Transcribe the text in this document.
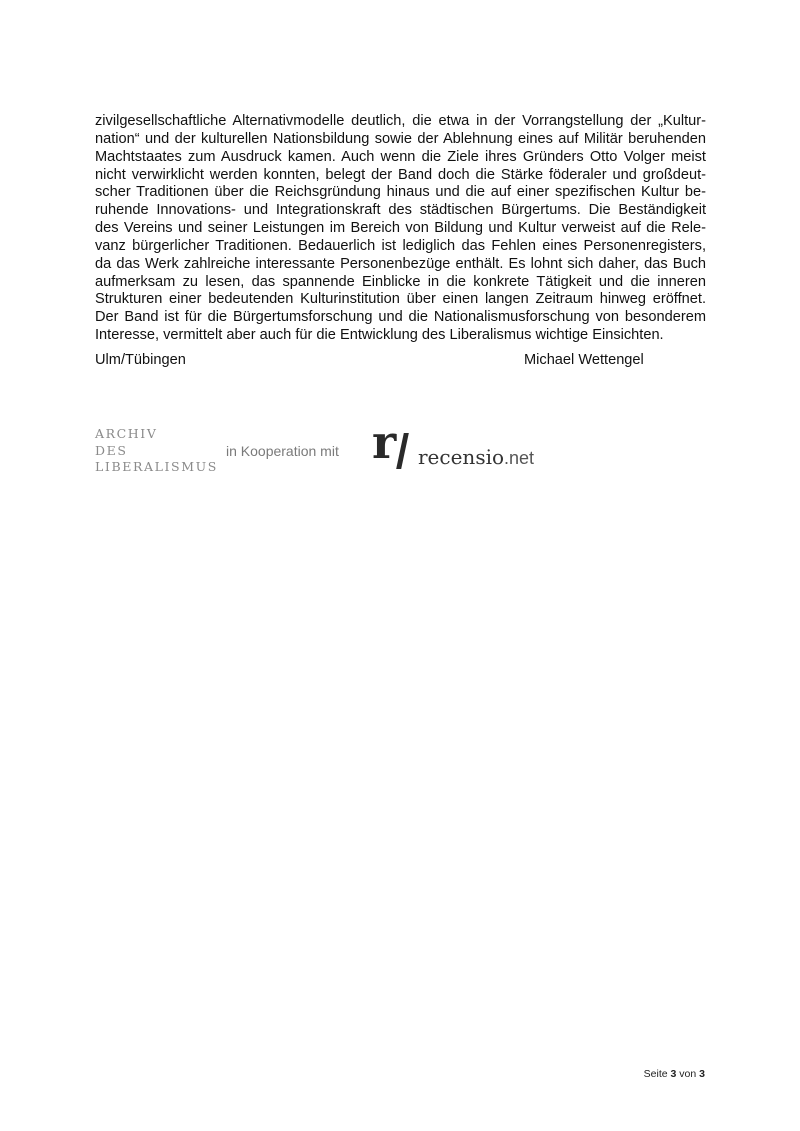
zivilgesellschaftliche Alternativmodelle deutlich, die etwa in der Vorrangstellung der „Kultur-
nation“ und der kulturellen Nationsbildung sowie der Ablehnung eines auf Militär beruhenden
Machtstaates zum Ausdruck kamen. Auch wenn die Ziele ihres Gründers Otto Volger meist
nicht verwirklicht werden konnten, belegt der Band doch die Stärke föderaler und großdeut-
scher Traditionen über die Reichsgründung hinaus und die auf einer spezifischen Kultur be-
ruhende Innovations- und Integrationskraft des städtischen Bürgertums. Die Beständigkeit
des Vereins und seiner Leistungen im Bereich von Bildung und Kultur verweist auf die Rele-
vanz bürgerlicher Traditionen. Bedauerlich ist lediglich das Fehlen eines Personenregisters,
da das Werk zahlreiche interessante Personenbezüge enthält. Es lohnt sich daher, das Buch
aufmerksam zu lesen, das spannende Einblicke in die konkrete Tätigkeit und die inneren
Strukturen einer bedeutenden Kulturinstitution über einen langen Zeitraum hinweg eröffnet.
Der Band ist für die Bürgertumsforschung und die Nationalismusforschung von besonderem
Interesse, vermittelt aber auch für die Entwicklung des Liberalismus wichtige Einsichten.
Ulm/Tübingen	Michael Wettengel
ARCHIV
DES
LIBERALISMUS
in Kooperation mit r recensio.net
Seite 3 von 3
